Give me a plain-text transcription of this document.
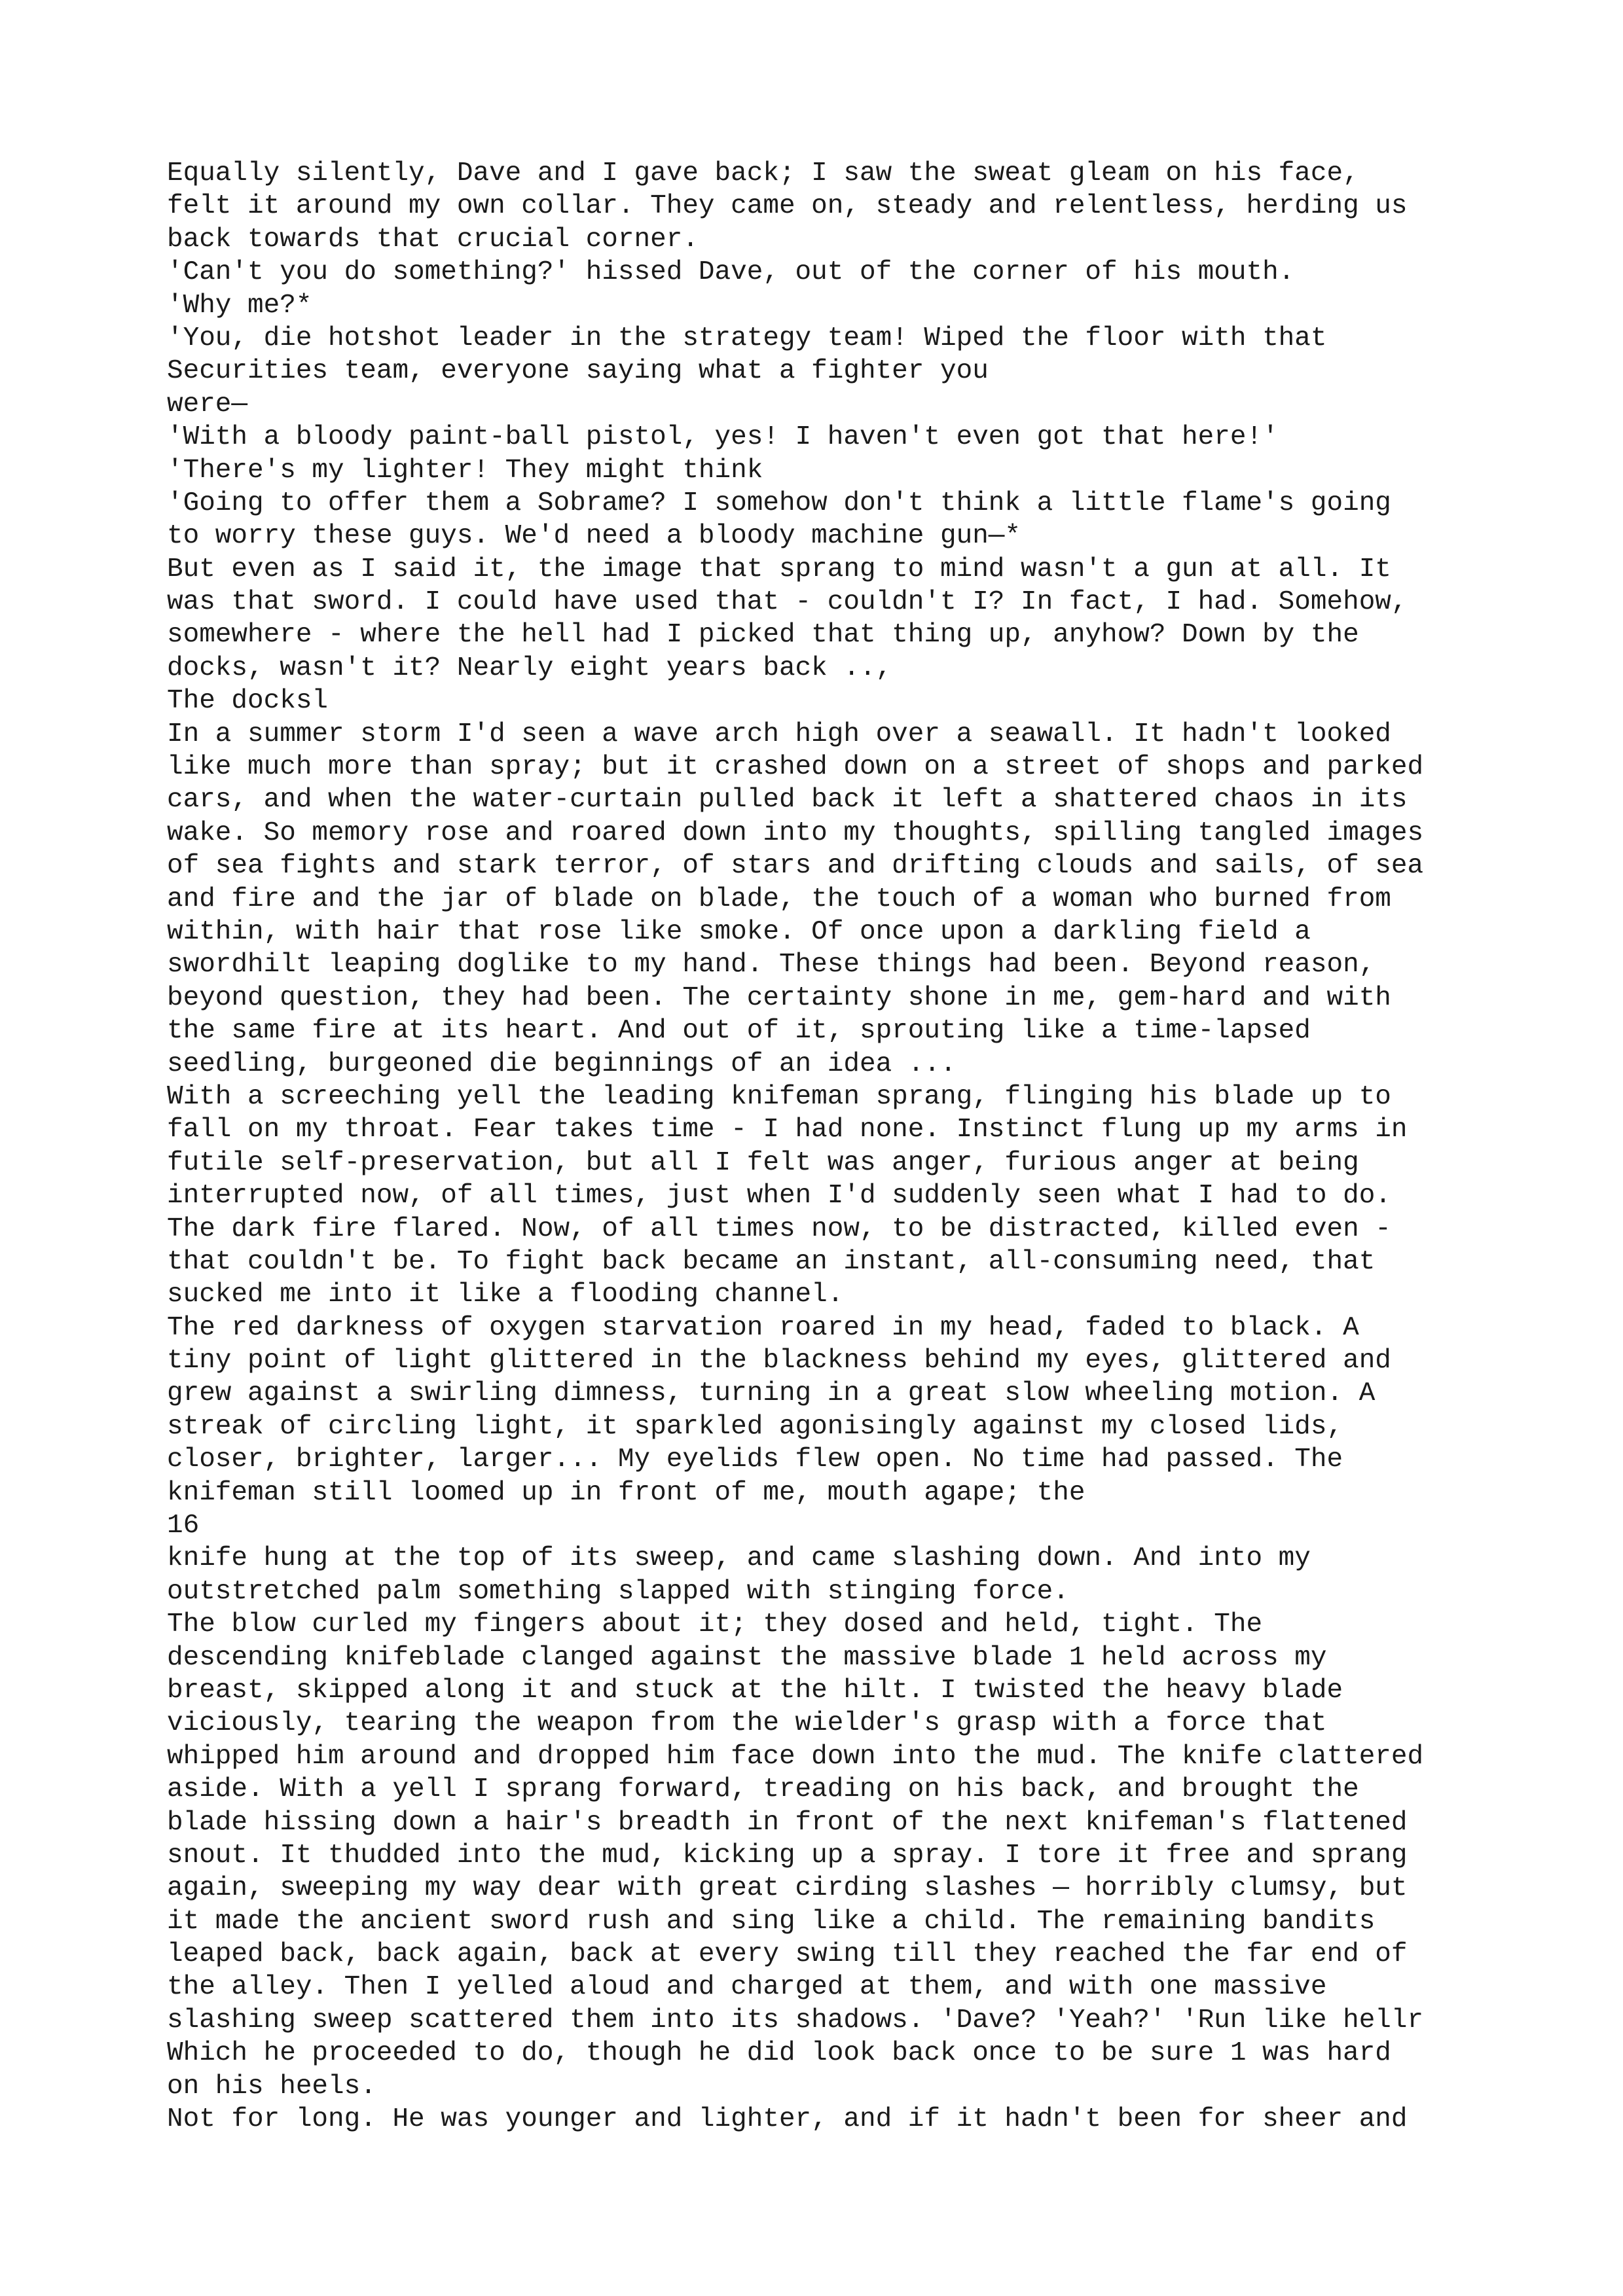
Equally silently, Dave and I gave back; I saw the sweat gleam on his face,
felt it around my own collar. They came on, steady and relentless, herding us
back towards that crucial corner.
'Can't you do something?' hissed Dave, out of the corner of his mouth.
'Why me?*
'You, die hotshot leader in the strategy team! Wiped the floor with that
Securities team, everyone saying what a fighter you
were—
'With a bloody paint-ball pistol, yes! I haven't even got that here!'
'There's my lighter! They might think
'Going to offer them a Sobrame? I somehow don't think a little flame's going
to worry these guys. We'd need a bloody machine gun—*
But even as I said it, the image that sprang to mind wasn't a gun at all. It
was that sword. I could have used that - couldn't I? In fact, I had. Somehow,
somewhere - where the hell had I picked that thing up, anyhow? Down by the
docks, wasn't it? Nearly eight years back ..,
The docksl
In a summer storm I'd seen a wave arch high over a seawall. It hadn't looked
like much more than spray; but it crashed down on a street of shops and parked
cars, and when the water-curtain pulled back it left a shattered chaos in its
wake. So memory rose and roared down into my thoughts, spilling tangled images
of sea fights and stark terror, of stars and drifting clouds and sails, of sea
and fire and the jar of blade on blade, the touch of a woman who burned from
within, with hair that rose like smoke. Of once upon a darkling field a
swordhilt leaping doglike to my hand. These things had been. Beyond reason,
beyond question, they had been. The certainty shone in me, gem-hard and with
the same fire at its heart. And out of it, sprouting like a time-lapsed
seedling, burgeoned die beginnings of an idea ...
With a screeching yell the leading knifeman sprang, flinging his blade up to
fall on my throat. Fear takes time - I had none. Instinct flung up my arms in
futile self-preservation, but all I felt was anger, furious anger at being
interrupted now, of all times, just when I'd suddenly seen what I had to do.
The dark fire flared. Now, of all times now, to be distracted, killed even -
that couldn't be. To fight back became an instant, all-consuming need, that
sucked me into it like a flooding channel.
The red darkness of oxygen starvation roared in my head, faded to black. A
tiny point of light glittered in the blackness behind my eyes, glittered and
grew against a swirling dimness, turning in a great slow wheeling motion. A
streak of circling light, it sparkled agonisingly against my closed lids,
closer, brighter, larger... My eyelids flew open. No time had passed. The
knifeman still loomed up in front of me, mouth agape; the
16
knife hung at the top of its sweep, and came slashing down. And into my
outstretched palm something slapped with stinging force.
The blow curled my fingers about it; they dosed and held, tight. The
descending knifeblade clanged against the massive blade 1 held across my
breast, skipped along it and stuck at the hilt. I twisted the heavy blade
viciously, tearing the weapon from the wielder's grasp with a force that
whipped him around and dropped him face down into the mud. The knife clattered
aside. With a yell I sprang forward, treading on his back, and brought the
blade hissing down a hair's breadth in front of the next knifeman's flattened
snout. It thudded into the mud, kicking up a spray. I tore it free and sprang
again, sweeping my way dear with great cirding slashes — horribly clumsy, but
it made the ancient sword rush and sing like a child. The remaining bandits
leaped back, back again, back at every swing till they reached the far end of
the alley. Then I yelled aloud and charged at them, and with one massive
slashing sweep scattered them into its shadows. 'Dave? 'Yeah?' 'Run like hellr
Which he proceeded to do, though he did look back once to be sure 1 was hard
on his heels.
Not for long. He was younger and lighter, and if it hadn't been for sheer and
